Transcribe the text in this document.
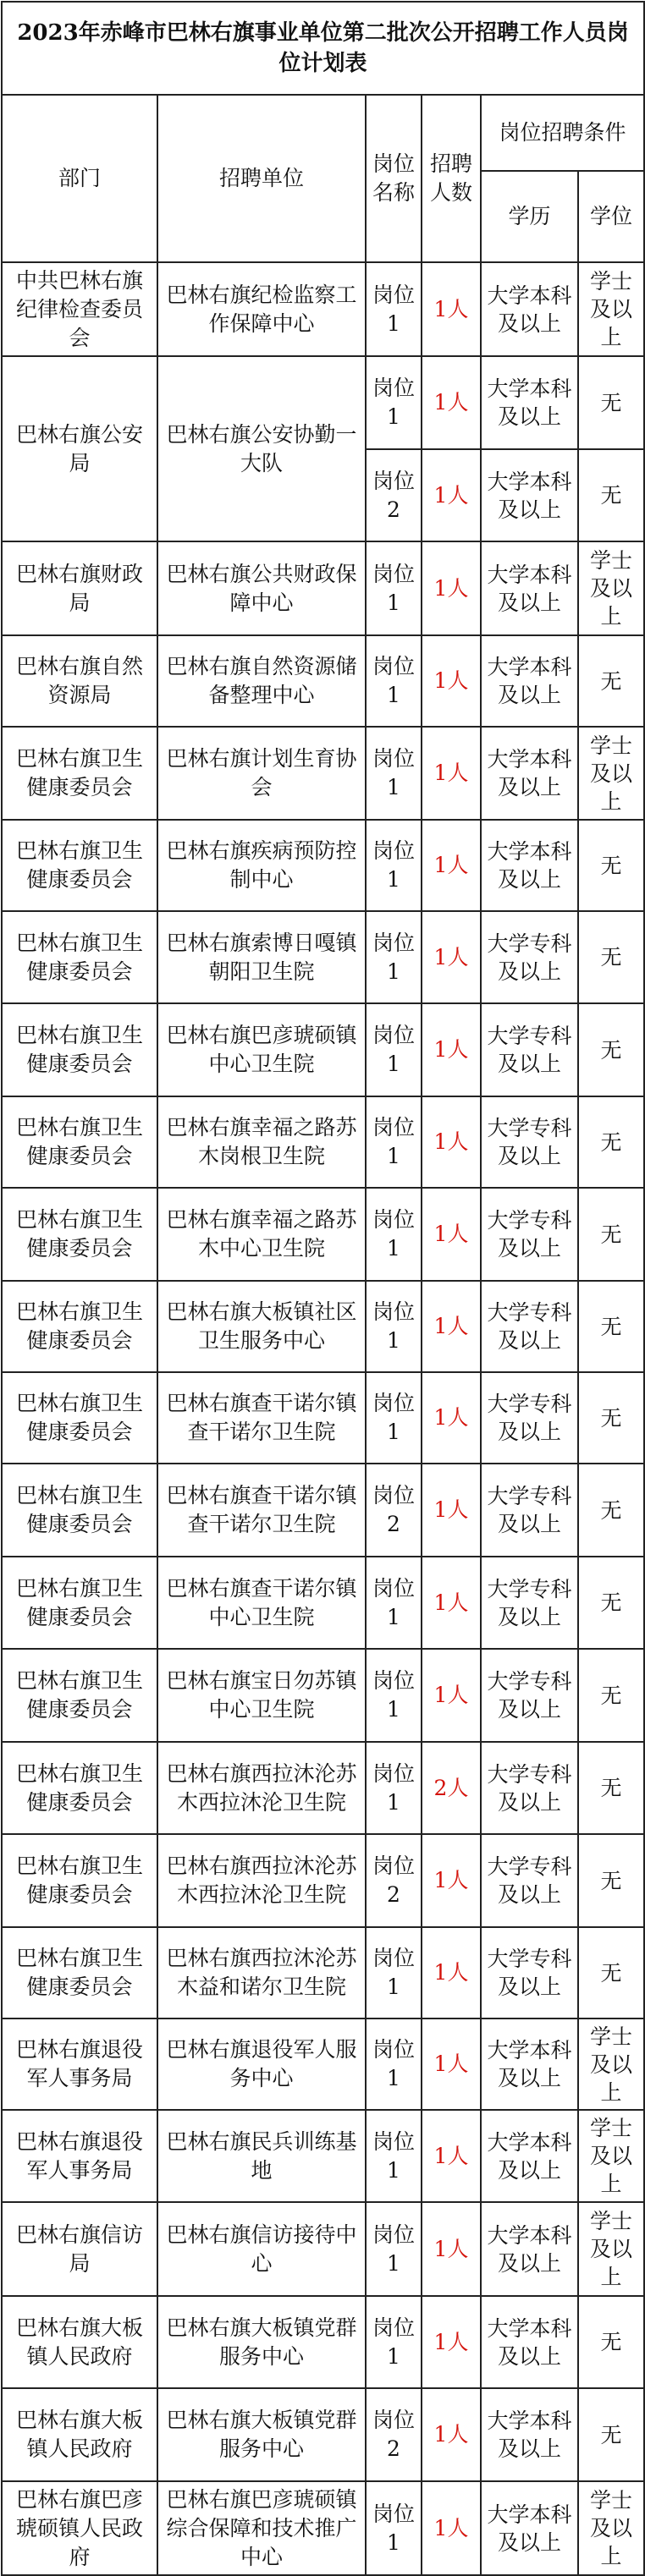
2023年赤峰市巴林右旗事业单位第二批次公开招聘工作人员岗位计划表					
部门	招聘单位	岗位名称	招聘人数	岗位招聘条件	
				学历	学位
中共巴林右旗纪律检查委员会	巴林右旗纪检监察工作保障中心	岗位1	1人	大学本科及以上	学士及以上
巴林右旗公安局	巴林右旗公安协勤一大队	岗位1	1人	大学本科及以上	无
		岗位2	1人	大学本科及以上	无
巴林右旗财政局	巴林右旗公共财政保障中心	岗位1	1人	大学本科及以上	学士及以上
巴林右旗自然资源局	巴林右旗自然资源储备整理中心	岗位1	1人	大学本科及以上	无
巴林右旗卫生健康委员会	巴林右旗计划生育协会	岗位1	1人	大学本科及以上	学士及以上
巴林右旗卫生健康委员会	巴林右旗疾病预防控制中心	岗位1	1人	大学本科及以上	无
巴林右旗卫生健康委员会	巴林右旗索博日嘎镇朝阳卫生院	岗位1	1人	大学专科及以上	无
巴林右旗卫生健康委员会	巴林右旗巴彦琥硕镇中心卫生院	岗位1	1人	大学专科及以上	无
巴林右旗卫生健康委员会	巴林右旗幸福之路苏木岗根卫生院	岗位1	1人	大学专科及以上	无
巴林右旗卫生健康委员会	巴林右旗幸福之路苏木中心卫生院	岗位1	1人	大学专科及以上	无
巴林右旗卫生健康委员会	巴林右旗大板镇社区卫生服务中心	岗位1	1人	大学专科及以上	无
巴林右旗卫生健康委员会	巴林右旗查干诺尔镇查干诺尔卫生院	岗位1	1人	大学专科及以上	无
巴林右旗卫生健康委员会	巴林右旗查干诺尔镇查干诺尔卫生院	岗位2	1人	大学专科及以上	无
巴林右旗卫生健康委员会	巴林右旗查干诺尔镇中心卫生院	岗位1	1人	大学专科及以上	无
巴林右旗卫生健康委员会	巴林右旗宝日勿苏镇中心卫生院	岗位1	1人	大学专科及以上	无
巴林右旗卫生健康委员会	巴林右旗西拉沐沦苏木西拉沐沦卫生院	岗位1	2人	大学专科及以上	无
巴林右旗卫生健康委员会	巴林右旗西拉沐沦苏木西拉沐沦卫生院	岗位2	1人	大学专科及以上	无
巴林右旗卫生健康委员会	巴林右旗西拉沐沦苏木益和诺尔卫生院	岗位1	1人	大学专科及以上	无
巴林右旗退役军人事务局	巴林右旗退役军人服务中心	岗位1	1人	大学本科及以上	学士及以上
巴林右旗退役军人事务局	巴林右旗民兵训练基地	岗位1	1人	大学本科及以上	学士及以上
巴林右旗信访局	巴林右旗信访接待中心	岗位1	1人	大学本科及以上	学士及以上
巴林右旗大板镇人民政府	巴林右旗大板镇党群服务中心	岗位1	1人	大学本科及以上	无
巴林右旗大板镇人民政府	巴林右旗大板镇党群服务中心	岗位2	1人	大学本科及以上	无
巴林右旗巴彦琥硕镇人民政府	巴林右旗巴彦琥硕镇综合保障和技术推广中心	岗位1	1人	大学本科及以上	学士及以上
